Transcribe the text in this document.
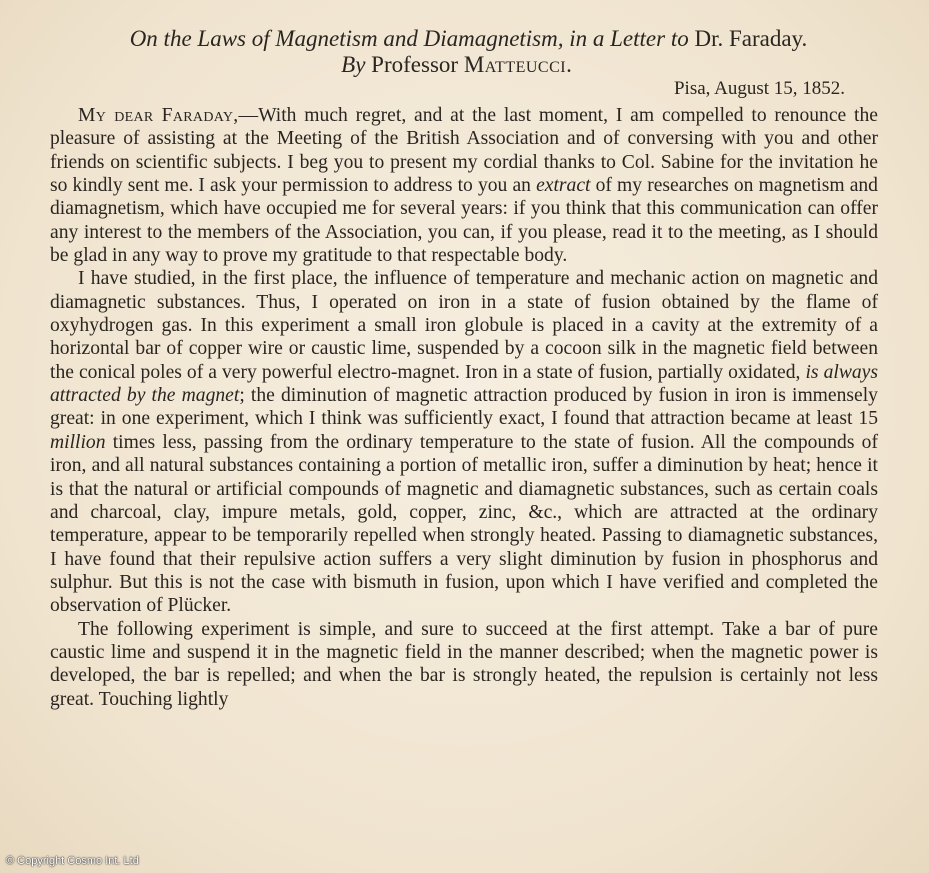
On the Laws of Magnetism and Diamagnetism, in a Letter to Dr. Faraday.
By Professor Matteucci.
Pisa, August 15, 1852.

My dear Faraday,—With much regret, and at the last moment, I am compelled to renounce the pleasure of assisting at the Meeting of the British Association and of conversing with you and other friends on scientific subjects. I beg you to present my cordial thanks to Col. Sabine for the invitation he so kindly sent me. I ask your permission to address to you an extract of my researches on magnetism and diamagnetism, which have occupied me for several years: if you think that this communication can offer any interest to the members of the Association, you can, if you please, read it to the meeting, as I should be glad in any way to prove my gratitude to that respectable body.

I have studied, in the first place, the influence of temperature and mechanic action on magnetic and diamagnetic substances. Thus, I operated on iron in a state of fusion obtained by the flame of oxyhydrogen gas. In this experiment a small iron globule is placed in a cavity at the extremity of a horizontal bar of copper wire or caustic lime, suspended by a cocoon silk in the magnetic field between the conical poles of a very powerful electro-magnet. Iron in a state of fusion, partially oxidated, is always attracted by the magnet; the diminution of magnetic attraction produced by fusion in iron is immensely great: in one experiment, which I think was sufficiently exact, I found that attraction became at least 15 million times less, passing from the ordinary temperature to the state of fusion. All the compounds of iron, and all natural substances containing a portion of metallic iron, suffer a diminution by heat; hence it is that the natural or artificial compounds of magnetic and diamagnetic substances, such as certain coals and charcoal, clay, impure metals, gold, copper, zinc, &c., which are attracted at the ordinary temperature, appear to be temporarily repelled when strongly heated. Passing to diamagnetic substances, I have found that their repulsive action suffers a very slight diminution by fusion in phosphorus and sulphur. But this is not the case with bismuth in fusion, upon which I have verified and completed the observation of Plücker.

The following experiment is simple, and sure to succeed at the first attempt. Take a bar of pure caustic lime and suspend it in the magnetic field in the manner described; when the magnetic power is developed, the bar is repelled; and when the bar is strongly heated, the repulsion is certainly not less great. Touching lightly

© Copyright Cosmo Int. Ltd
